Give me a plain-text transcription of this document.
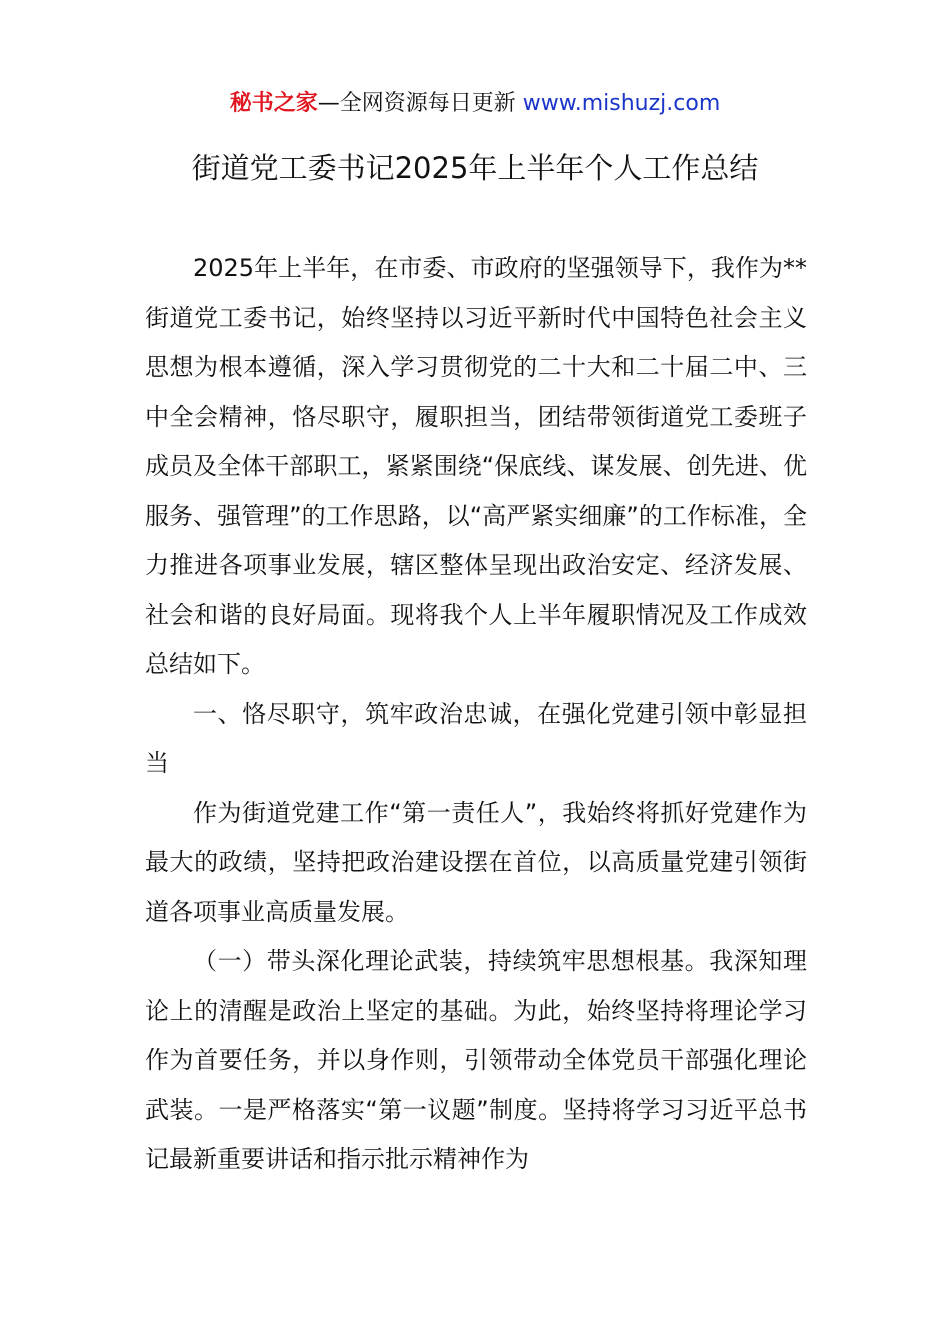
秘书之家—全网资源每日更新 www.mishuzj.com
街道党工委书记2025年上半年个人工作总结

2025年上半年，在市委、市政府的坚强领导下，我作为**街道党工委书记，始终坚持以习近平新时代中国特色社会主义思想为根本遵循，深入学习贯彻党的二十大和二十届二中、三中全会精神，恪尽职守，履职担当，团结带领街道党工委班子成员及全体干部职工，紧紧围绕“保底线、谋发展、创先进、优服务、强管理”的工作思路，以“高严紧实细廉”的工作标准，全力推进各项事业发展，辖区整体呈现出政治安定、经济发展、社会和谐的良好局面。现将我个人上半年履职情况及工作成效总结如下。

一、恪尽职守，筑牢政治忠诚，在强化党建引领中彰显担当

作为街道党建工作“第一责任人”，我始终将抓好党建作为最大的政绩，坚持把政治建设摆在首位，以高质量党建引领街道各项事业高质量发展。

（一）带头深化理论武装，持续筑牢思想根基。我深知理论上的清醒是政治上坚定的基础。为此，始终坚持将理论学习作为首要任务，并以身作则，引领带动全体党员干部强化理论武装。一是严格落实“第一议题”制度。坚持将学习习近平总书记最新重要讲话和指示批示精神作为
